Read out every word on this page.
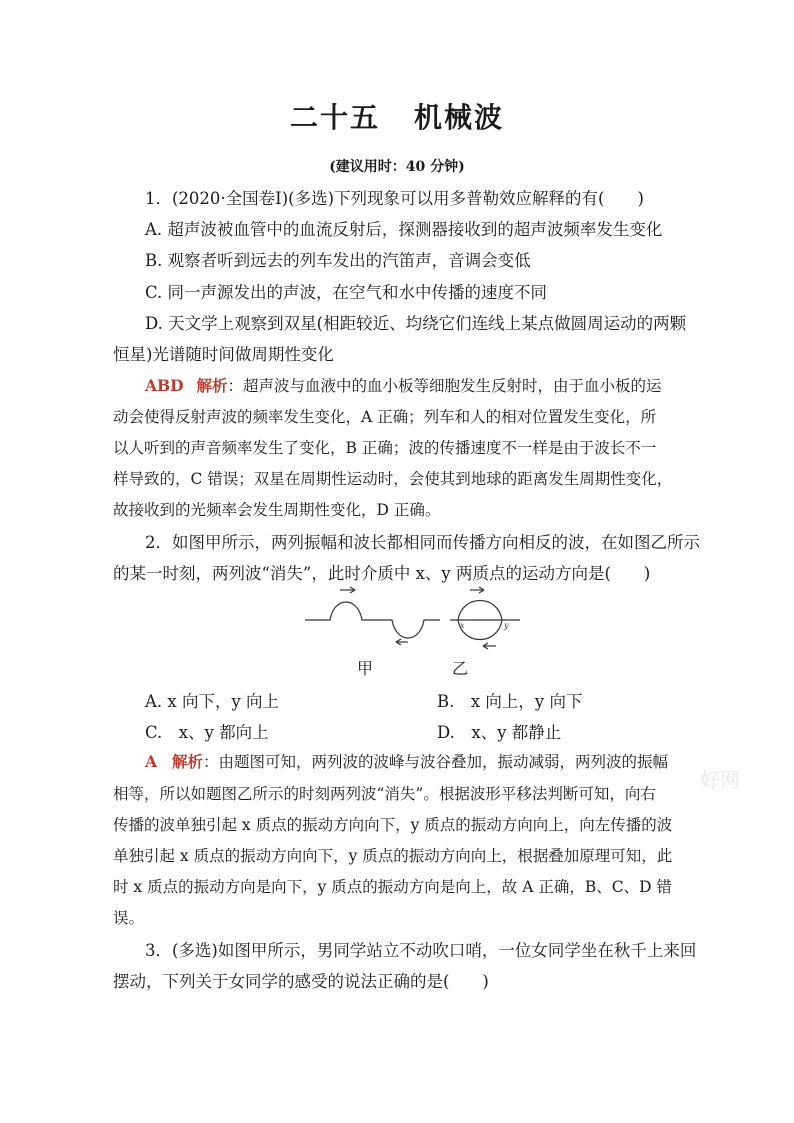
二十五 机械波
(建议用时：40 分钟)
1．(2020·全国卷Ⅰ)(多选)下列现象可以用多普勒效应解释的有(　　)
A. 超声波被血管中的血流反射后，探测器接收到的超声波频率发生变化
B. 观察者听到远去的列车发出的汽笛声，音调会变低
C. 同一声源发出的声波，在空气和水中传播的速度不同
D. 天文学上观察到双星(相距较近、均绕它们连线上某点做圆周运动的两颗
恒星)光谱随时间做周期性变化
ABD 解析：超声波与血液中的血小板等细胞发生反射时，由于血小板的运
动会使得反射声波的频率发生变化，A 正确；列车和人的相对位置发生变化，所
以人听到的声音频率发生了变化，B 正确；波的传播速度不一样是由于波长不一
样导致的，C 错误；双星在周期性运动时，会使其到地球的距离发生周期性变化，
故接收到的光频率会发生周期性变化，D 正确。
2．如图甲所示，两列振幅和波长都相同而传播方向相反的波，在如图乙所示
的某一时刻，两列波“消失”，此时介质中 x、y 两质点的运动方向是(　　)
x	y
甲	乙
A. x 向下，y 向上	B.　x 向上，y 向下
C.　x、y 都向上	D.　x、y 都静止
A 解析：由题图可知，两列波的波峰与波谷叠加，振动减弱，两列波的振幅
相等，所以如题图乙所示的时刻两列波“消失”。根据波形平移法判断可知，向右
传播的波单独引起 x 质点的振动方向向下，y 质点的振动方向向上，向左传播的波
单独引起 x 质点的振动方向向下，y 质点的振动方向向上，根据叠加原理可知，此
时 x 质点的振动方向是向下，y 质点的振动方向是向上，故 A 正确，B、C、D 错
误。
3．(多选)如图甲所示，男同学站立不动吹口哨，一位女同学坐在秋千上来回
摆动，下列关于女同学的感受的说法正确的是(　　)
好网
